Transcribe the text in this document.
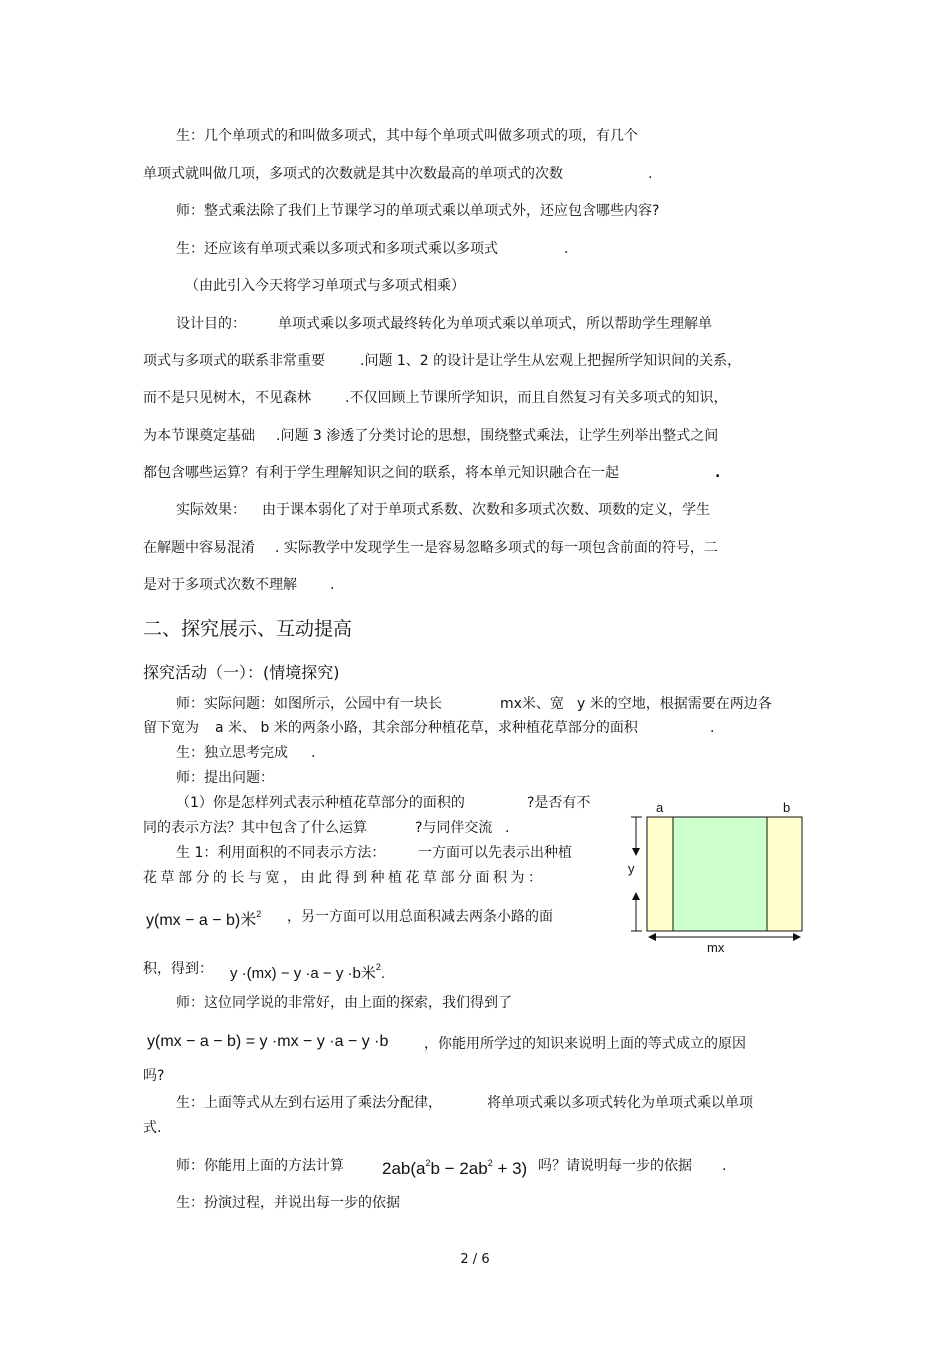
生：几个单项式的和叫做多项式，其中每个单项式叫做多项式的项，有几个

单项式就叫做几项，多项式的次数就是其中次数最高的单项式的次数	.

师：整式乘法除了我们上节课学习的单项式乘以单项式外，还应包含哪些内容?

生：还应该有单项式乘以多项式和多项式乘以多项式	.

（由此引入今天将学习单项式与多项式相乘）

设计目的： 单项式乘以多项式最终转化为单项式乘以单项式，所以帮助学生理解单

项式与多项式的联系非常重要	.问题 1、2 的设计是让学生从宏观上把握所学知识间的关系，

而不是只见树木，不见森林 .不仅回顾上节课所学知识，而且自然复习有关多项式的知识，

为本节课奠定基础 .问题 3 渗透了分类讨论的思想，围绕整式乘法，让学生列举出整式之间

都包含哪些运算？有利于学生理解知识之间的联系，将本单元知识融合在一起	.

实际效果： 由于课本弱化了对于单项式系数、次数和多项式次数、项数的定义，学生

在解题中容易混淆 . 实际教学中发现学生一是容易忽略多项式的每一项包含前面的符号，二

是对于多项式次数不理解 .

二、探究展示、互动提高

探究活动（一）：(情境探究)

师：实际问题：如图所示，公园中有一块长	mx米、宽 y 米的空地，根据需要在两边各

留下宽为 a 米、 b 米的两条小路，其余部分种植花草，求种植花草部分的面积	.

生：独立思考完成 .

师：提出问题：

（1）你是怎样列式表示种植花草部分的面积的	?是否有不

同的表示方法？其中包含了什么运算	?与同伴交流 .

生 1：利用面积的不同表示方法： 一方面可以先表示出种植

花草部分的长与宽，由此得到种植花草部分面积为：

y(mx − a − b)米$^2$ ，另一方面可以用总面积减去两条小路的面

积，得到： y ·(mx) − y ·a − y ·b米$^2$.

师：这位同学说的非常好，由上面的探索，我们得到了

y(mx − a − b) = y ·mx − y ·a − y ·b	，你能用所学过的知识来说明上面的等式成立的原因

吗?

生：上面等式从左到右运用了乘法分配律，	将单项式乘以多项式转化为单项式乘以单项

式.

师：你能用上面的方法计算 $2ab(a^2b - 2ab^2 + 3)$ 吗？请说明每一步的依据 .

生：扮演过程，并说出每一步的依据

a	b
y
mx

2 / 6
